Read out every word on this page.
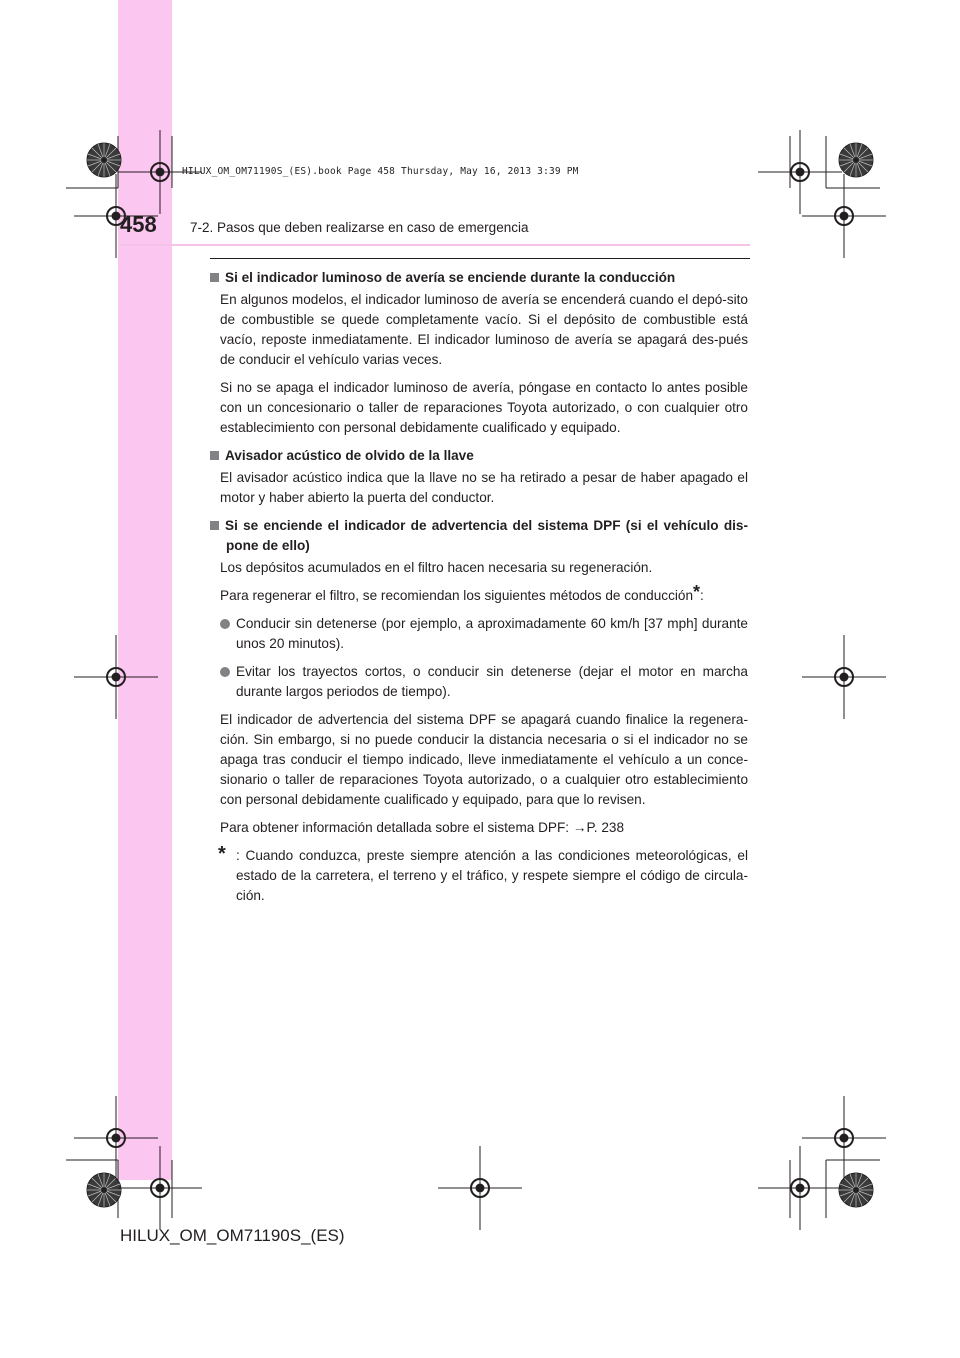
HILUX_OM_OM71190S_(ES).book Page 458 Thursday, May 16, 2013 3:39 PM
458 7-2. Pasos que deben realizarse en caso de emergencia

Si el indicador luminoso de avería se enciende durante la conducción

En algunos modelos, el indicador luminoso de avería se encenderá cuando el depó-sito de combustible se quede completamente vacío. Si el depósito de combustible está vacío, reposte inmediatamente. El indicador luminoso de avería se apagará des-pués de conducir el vehículo varias veces.

Si no se apaga el indicador luminoso de avería, póngase en contacto lo antes posible con un concesionario o taller de reparaciones Toyota autorizado, o con cualquier otro establecimiento con personal debidamente cualificado y equipado.

Avisador acústico de olvido de la llave

El avisador acústico indica que la llave no se ha retirado a pesar de haber apagado el motor y haber abierto la puerta del conductor.

Si se enciende el indicador de advertencia del sistema DPF (si el vehículo dis-pone de ello)

Los depósitos acumulados en el filtro hacen necesaria su regeneración.

Para regenerar el filtro, se recomiendan los siguientes métodos de conducción*:

Conducir sin detenerse (por ejemplo, a aproximadamente 60 km/h [37 mph] durante unos 20 minutos).

Evitar los trayectos cortos, o conducir sin detenerse (dejar el motor en marcha durante largos periodos de tiempo).

El indicador de advertencia del sistema DPF se apagará cuando finalice la regenera-ción. Sin embargo, si no puede conducir la distancia necesaria o si el indicador no se apaga tras conducir el tiempo indicado, lleve inmediatamente el vehículo a un conce-sionario o taller de reparaciones Toyota autorizado, o a cualquier otro establecimiento con personal debidamente cualificado y equipado, para que lo revisen.

Para obtener información detallada sobre el sistema DPF: →P. 238

* : Cuando conduzca, preste siempre atención a las condiciones meteorológicas, el estado de la carretera, el terreno y el tráfico, y respete siempre el código de circula-ción.

HILUX_OM_OM71190S_(ES)
